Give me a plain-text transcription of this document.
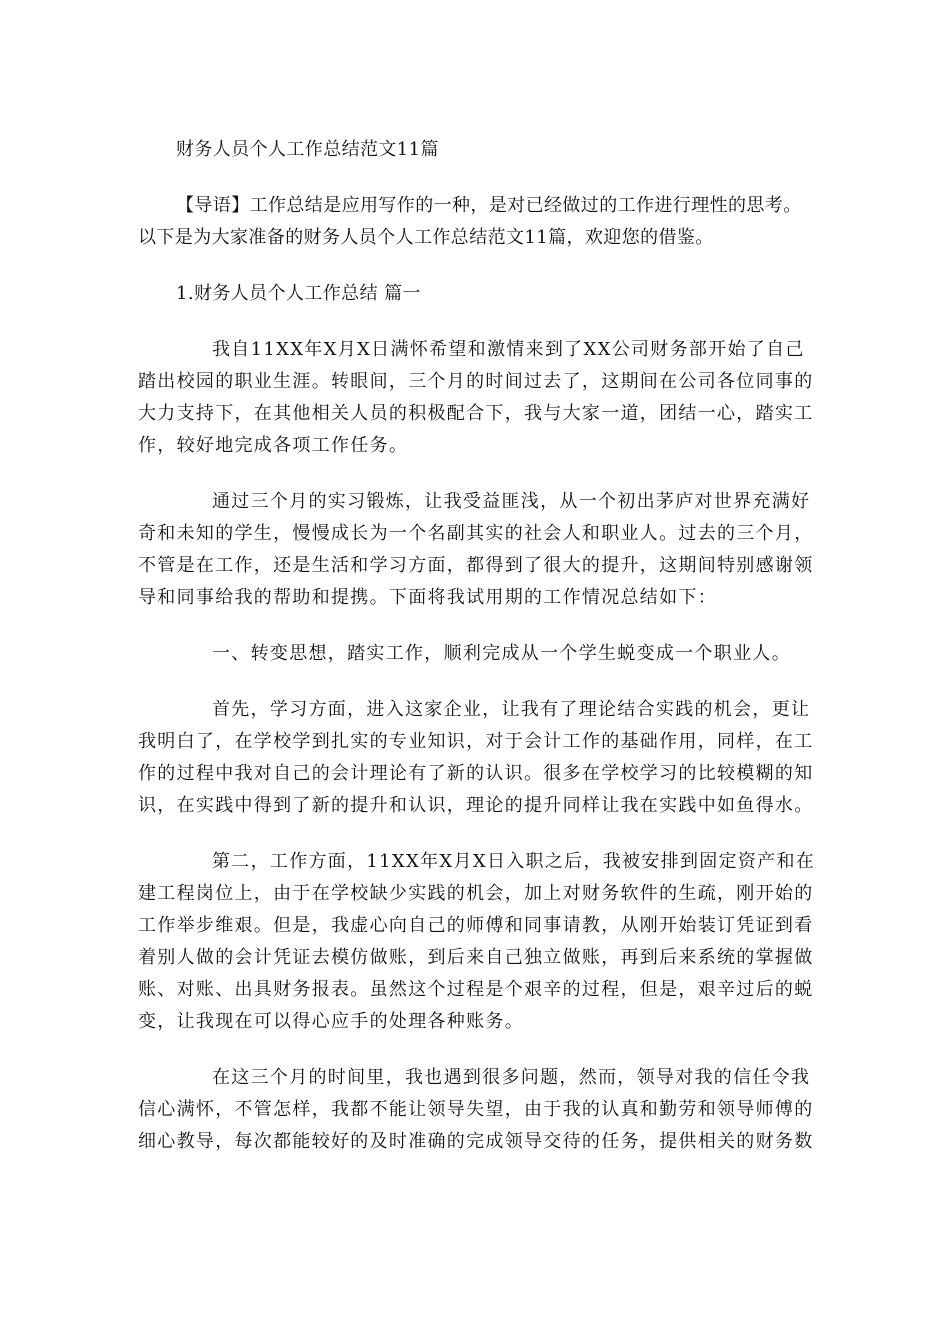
财务人员个人工作总结范文11篇
【导语】工作总结是应用写作的一种，是对已经做过的工作进行理性的思考。
以下是为大家准备的财务人员个人工作总结范文11篇，欢迎您的借鉴。
1.财务人员个人工作总结 篇一
我自11XX年X月X日满怀希望和激情来到了XX公司财务部开始了自己
踏出校园的职业生涯。转眼间，三个月的时间过去了，这期间在公司各位同事的
大力支持下，在其他相关人员的积极配合下，我与大家一道，团结一心，踏实工
作，较好地完成各项工作任务。
通过三个月的实习锻炼，让我受益匪浅，从一个初出茅庐对世界充满好
奇和未知的学生，慢慢成长为一个名副其实的社会人和职业人。过去的三个月，
不管是在工作，还是生活和学习方面，都得到了很大的提升，这期间特别感谢领
导和同事给我的帮助和提携。下面将我试用期的工作情况总结如下：
一、转变思想，踏实工作，顺利完成从一个学生蜕变成一个职业人。
首先，学习方面，进入这家企业，让我有了理论结合实践的机会，更让
我明白了，在学校学到扎实的专业知识，对于会计工作的基础作用，同样，在工
作的过程中我对自己的会计理论有了新的认识。很多在学校学习的比较模糊的知
识，在实践中得到了新的提升和认识，理论的提升同样让我在实践中如鱼得水。
第二，工作方面，11XX年X月X日入职之后，我被安排到固定资产和在
建工程岗位上，由于在学校缺少实践的机会，加上对财务软件的生疏，刚开始的
工作举步维艰。但是，我虚心向自己的师傅和同事请教，从刚开始装订凭证到看
着别人做的会计凭证去模仿做账，到后来自己独立做账，再到后来系统的掌握做
账、对账、出具财务报表。虽然这个过程是个艰辛的过程，但是，艰辛过后的蜕
变，让我现在可以得心应手的处理各种账务。
在这三个月的时间里，我也遇到很多问题，然而，领导对我的信任令我
信心满怀，不管怎样，我都不能让领导失望，由于我的认真和勤劳和领导师傅的
细心教导，每次都能较好的及时准确的完成领导交待的任务，提供相关的财务数
